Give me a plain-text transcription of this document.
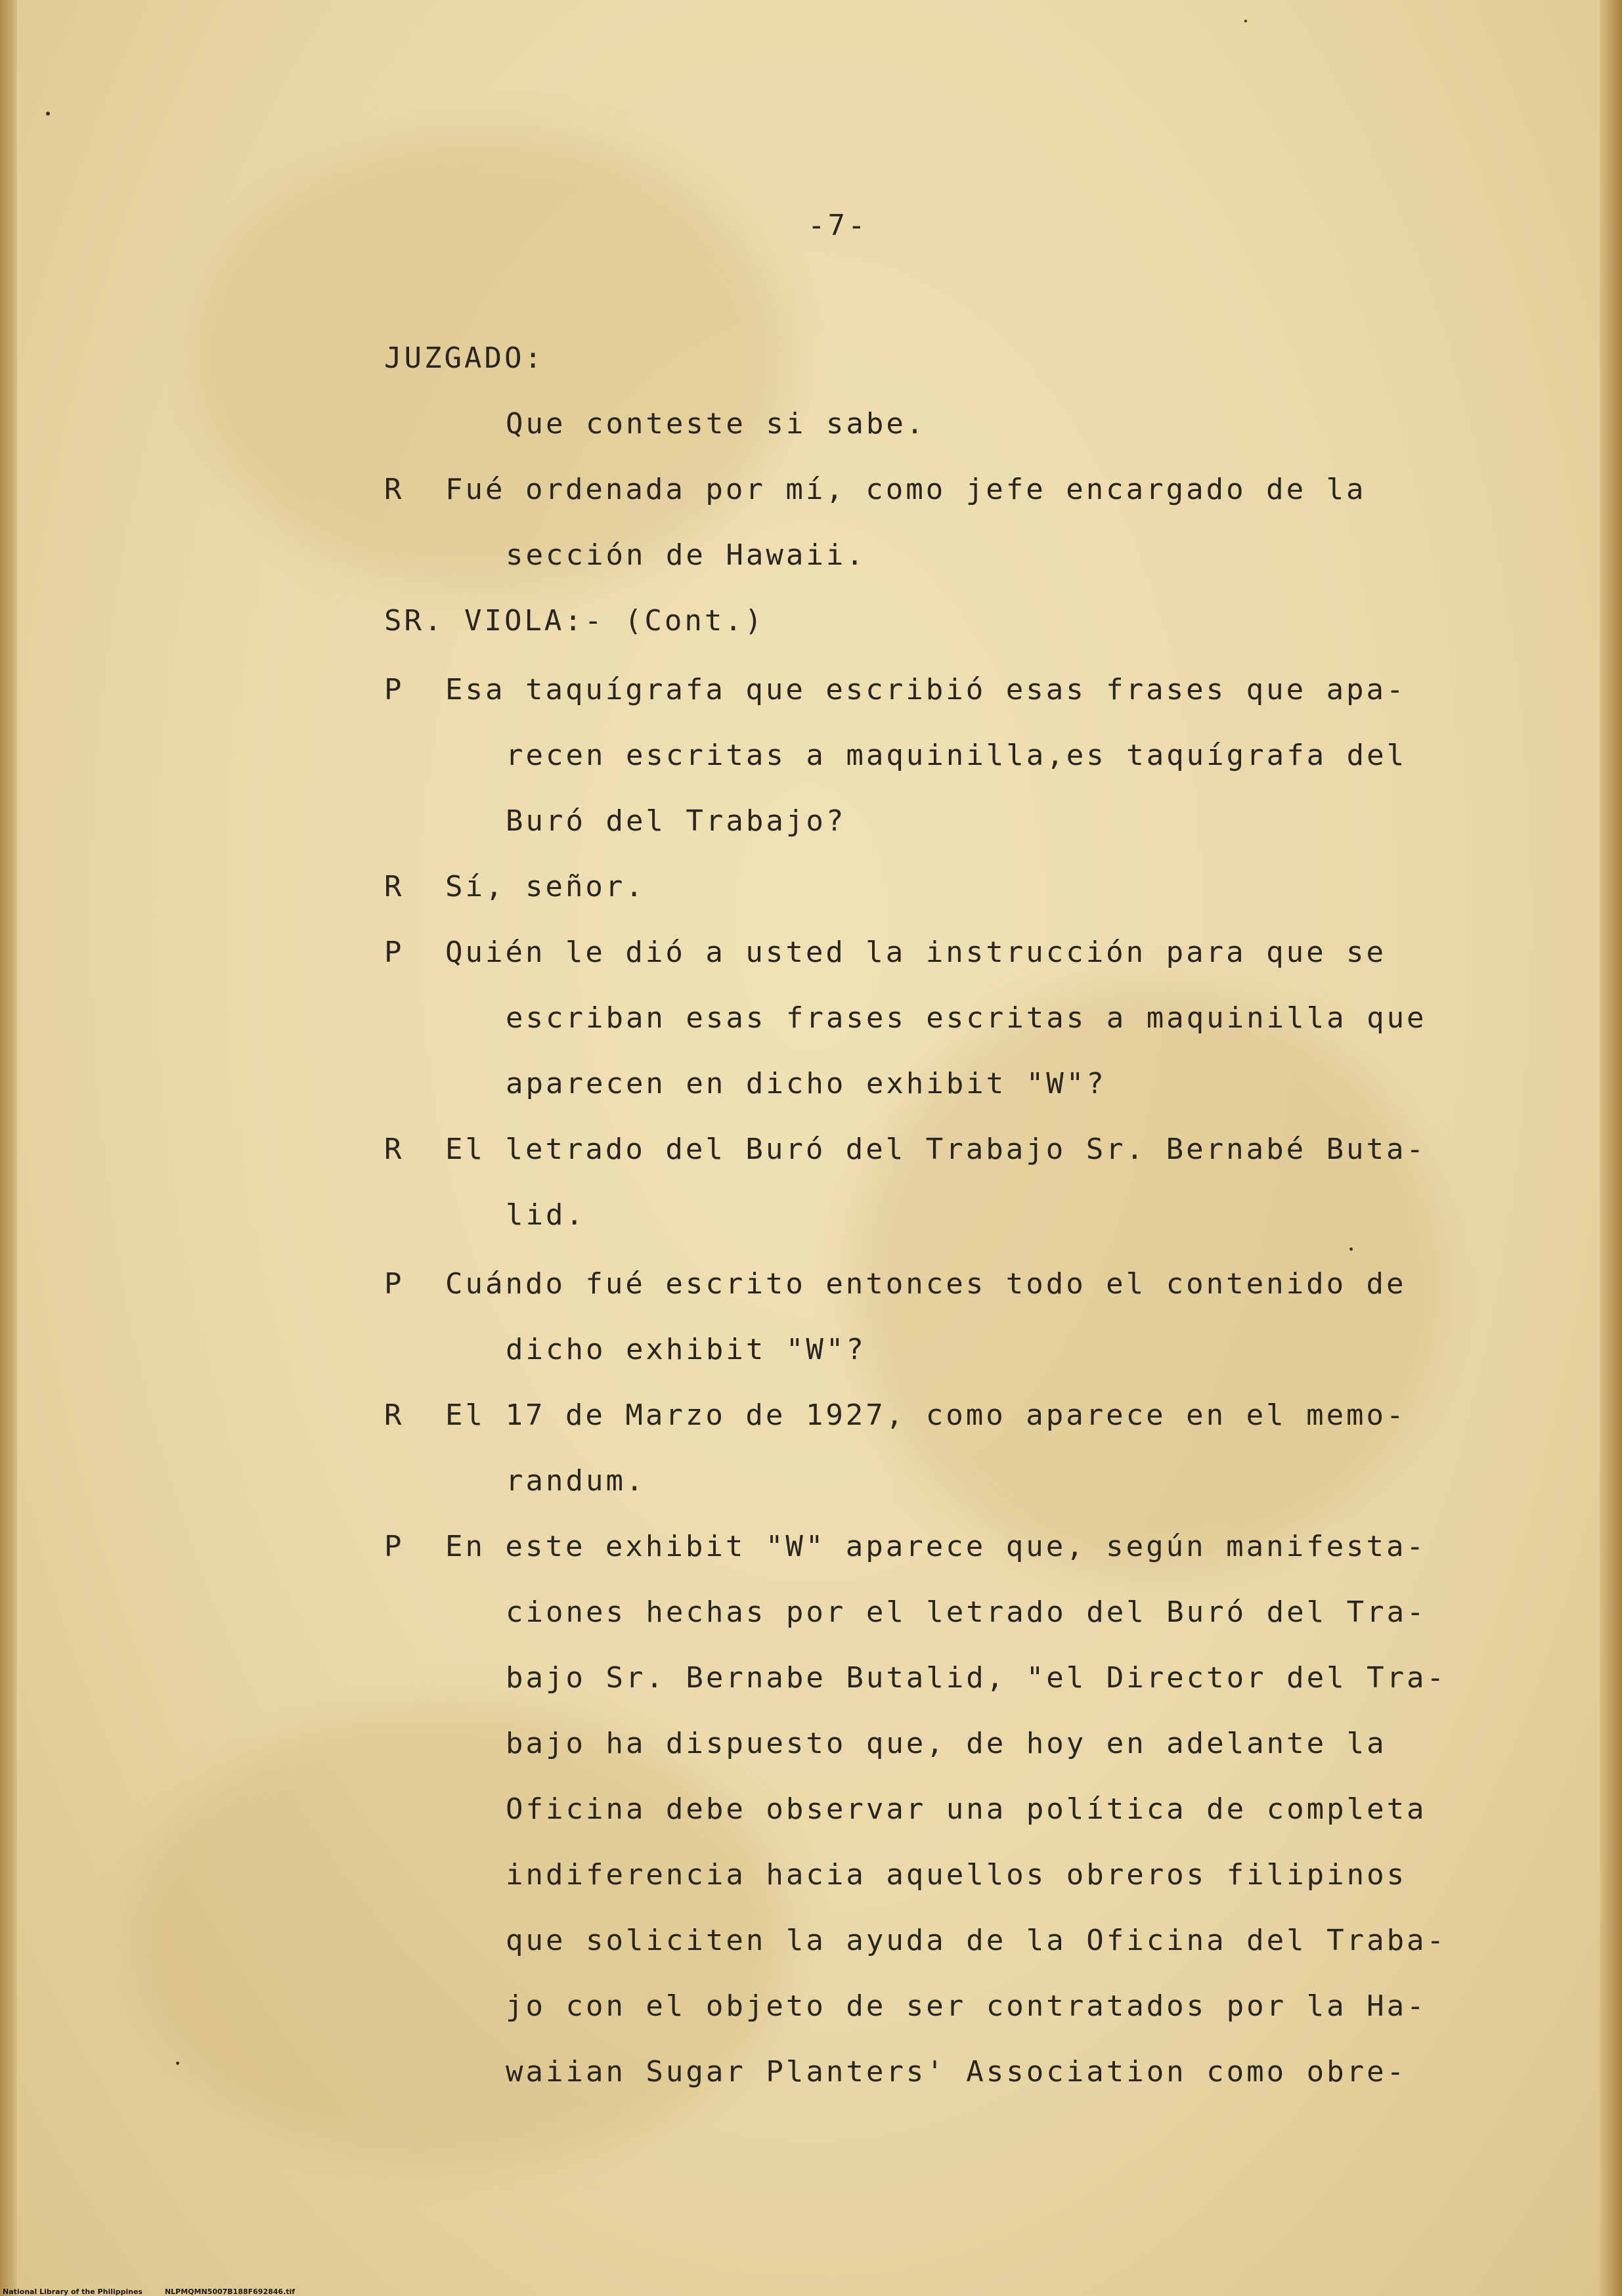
-7-
JUZGADO:
Que conteste si sabe.
R Fué ordenada por mí, como jefe encargado de la
sección de Hawaii.
SR. VIOLA:- (Cont.)
P Esa taquígrafa que escribió esas frases que apa-
recen escritas a maquinilla,es taquígrafa del
Buró del Trabajo?
R Sí, señor.
P Quién le dió a usted la instrucción para que se
escriban esas frases escritas a maquinilla que
aparecen en dicho exhibit "W"?
R El letrado del Buró del Trabajo Sr. Bernabé Buta-
lid.
P Cuándo fué escrito entonces todo el contenido de
dicho exhibit "W"?
R El 17 de Marzo de 1927, como aparece en el memo-
randum.
P En este exhibit "W" aparece que, según manifesta-
ciones hechas por el letrado del Buró del Tra-
bajo Sr. Bernabe Butalid, "el Director del Tra-
bajo ha dispuesto que, de hoy en adelante la
Oficina debe observar una política de completa
indiferencia hacia aquellos obreros filipinos
que soliciten la ayuda de la Oficina del Traba-
jo con el objeto de ser contratados por la Ha-
waiian Sugar Planters' Association como obre-
National Library of the Philippines	NLPMQMN5007B188F692846.tif
